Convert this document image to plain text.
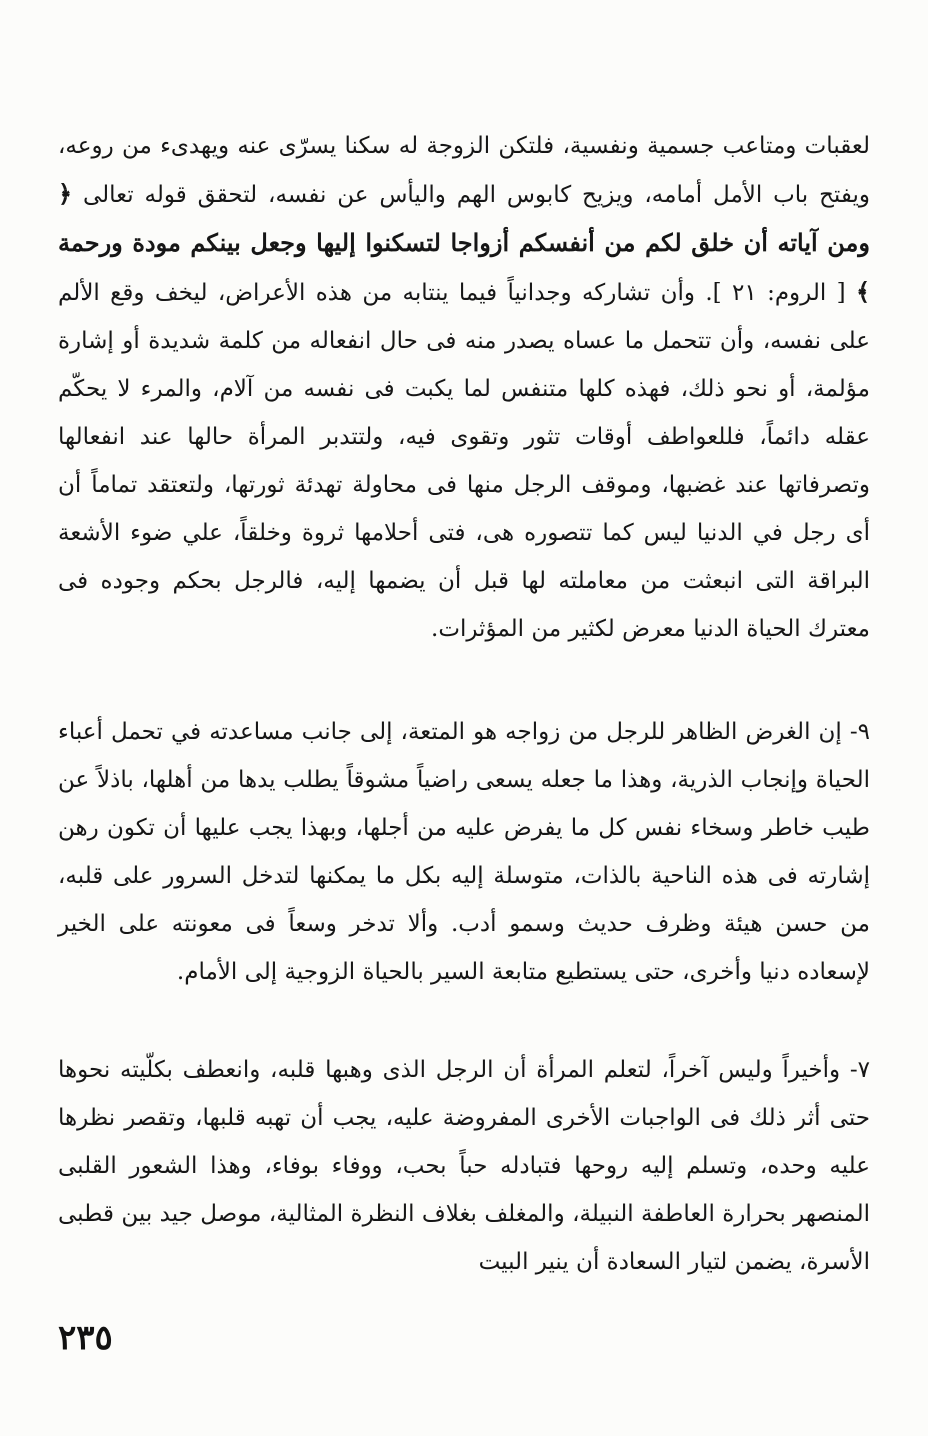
لعقبات ومتاعب جسمية ونفسية، فلتكن الزوجة له سكنا يسرّى عنه ويهدىء من روعه، ويفتح باب الأمل أمامه، ويزيح كابوس الهم واليأس عن نفسه، لتحقق قوله تعالى ﴿ ومن آياته أن خلق لكم من أنفسكم أزواجا لتسكنوا إليها وجعل بينكم مودة ورحمة ﴾ [ الروم: ٢١ ]. وأن تشاركه وجدانياً فيما ينتابه من هذه الأعراض، ليخف وقع الألم على نفسه، وأن تتحمل ما عساه يصدر منه فى حال انفعاله من كلمة شديدة أو إشارة مؤلمة، أو نحو ذلك، فهذه كلها متنفس لما يكبت فى نفسه من آلام، والمرء لا يحكّم عقله دائماً، فللعواطف أوقات تثور وتقوى فيه، ولتتدبر المرأة حالها عند انفعالها وتصرفاتها عند غضبها، وموقف الرجل منها فى محاولة تهدئة ثورتها، ولتعتقد تماماً أن أى رجل في الدنيا ليس كما تتصوره هى، فتى أحلامها ثروة وخلقاً، علي ضوء الأشعة البراقة التى انبعثت من معاملته لها قبل أن يضمها إليه، فالرجل بحكم وجوده فى معترك الحياة الدنيا معرض لكثير من المؤثرات.
٩- إن الغرض الظاهر للرجل من زواجه هو المتعة، إلى جانب مساعدته في تحمل أعباء الحياة وإنجاب الذرية، وهذا ما جعله يسعى راضياً مشوقاً يطلب يدها من أهلها، باذلاً عن طيب خاطر وسخاء نفس كل ما يفرض عليه من أجلها، وبهذا يجب عليها أن تكون رهن إشارته فى هذه الناحية بالذات، متوسلة إليه بكل ما يمكنها لتدخل السرور على قلبه، من حسن هيئة وظرف حديث وسمو أدب. وألا تدخر وسعاً فى معونته على الخير لإسعاده دنيا وأخرى، حتى يستطيع متابعة السير بالحياة الزوجية إلى الأمام.
٧- وأخيراً وليس آخراً، لتعلم المرأة أن الرجل الذى وهبها قلبه، وانعطف بكلّيته نحوها حتى أثر ذلك فى الواجبات الأخرى المفروضة عليه، يجب أن تهبه قلبها، وتقصر نظرها عليه وحده، وتسلم إليه روحها فتبادله حباً بحب، ووفاء بوفاء، وهذا الشعور القلبى المنصهر بحرارة العاطفة النبيلة، والمغلف بغلاف النظرة المثالية، موصل جيد بين قطبى الأسرة، يضمن لتيار السعادة أن ينير البيت
٢٣٥
